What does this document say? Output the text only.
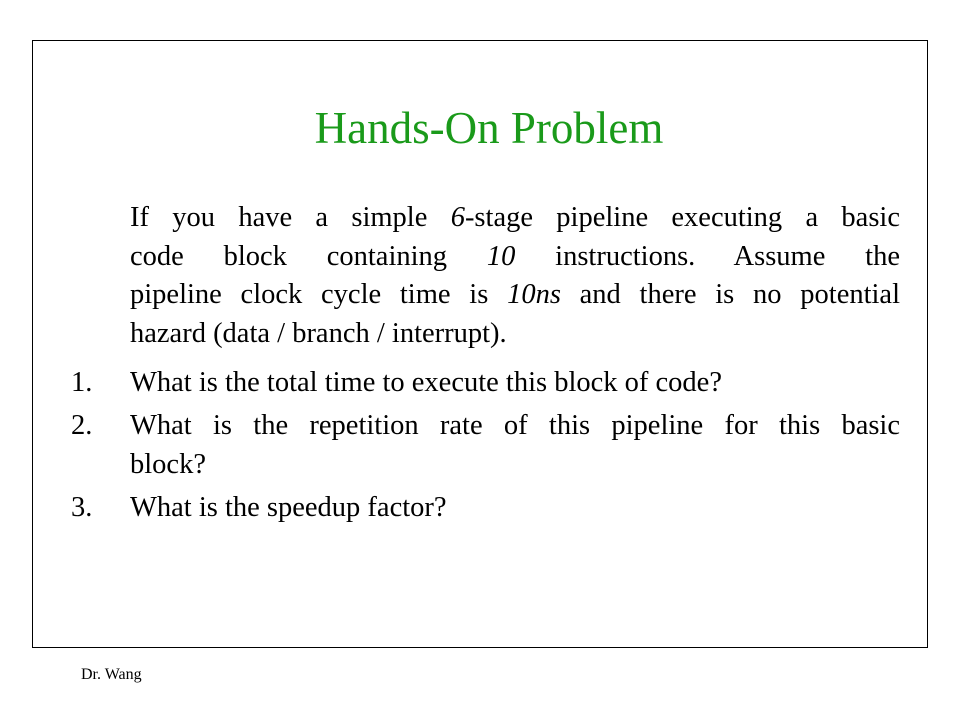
Hands-On Problem
If you have a simple 6-stage pipeline executing a basic
code block containing 10 instructions. Assume the
pipeline clock cycle time is 10ns and there is no potential
hazard (data / branch / interrupt).
1. What is the total time to execute this block of code?
2. What is the repetition rate of this pipeline for this basic
block?
3. What is the speedup factor?
Dr. Wang
